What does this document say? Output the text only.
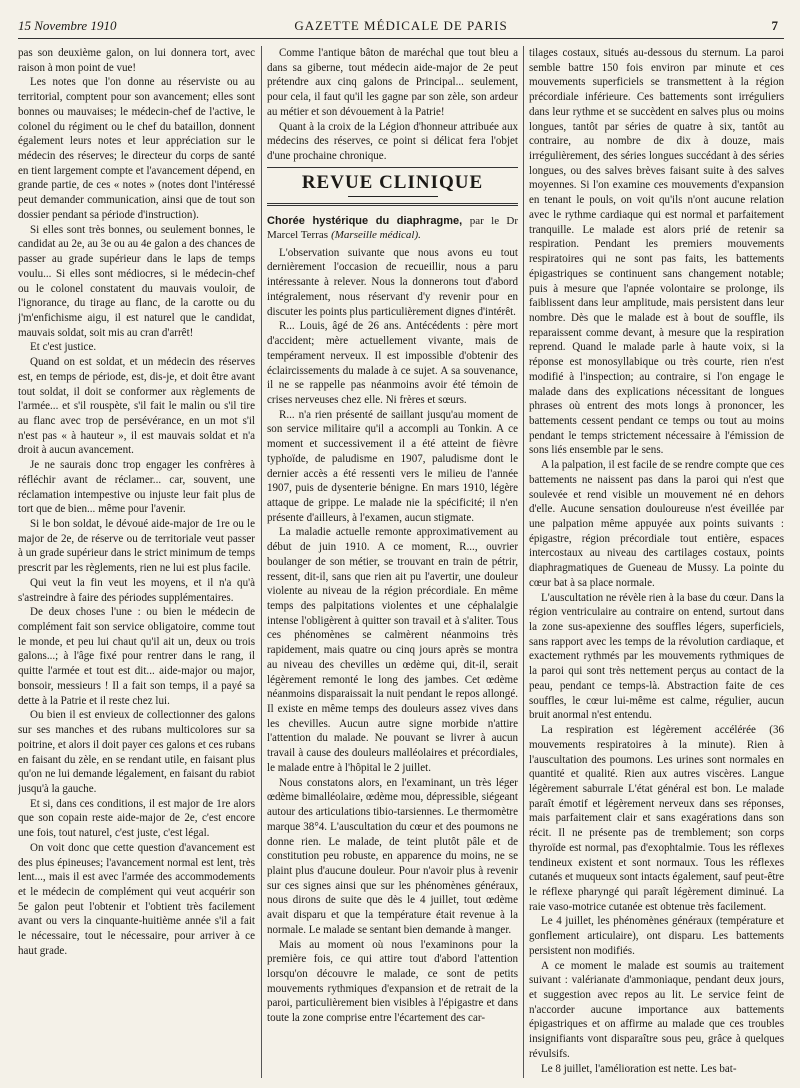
15 Novembre 1910	GAZETTE MÉDICALE DE PARIS	7

pas son deuxième galon, on lui donnera tort, avec raison à mon point de vue!

Les notes que l'on donne au réserviste ou au territorial, comptent pour son avancement; elles sont bonnes ou mauvaises; le médecin-chef de l'active, le colonel du régiment ou le chef du bataillon, donnent également leurs notes et leur appréciation sur le médecin des réserves; le directeur du corps de santé en tient largement compte et l'avancement dépend, en grande partie, de ces « notes » (notes dont l'intéressé peut demander communication, ainsi que de tout son dossier pendant sa période d'instruction).

Si elles sont très bonnes, ou seulement bonnes, le candidat au 2e, au 3e ou au 4e galon a des chances de passer au grade supérieur dans le laps de temps voulu... Si elles sont médiocres, si le médecin-chef ou le colonel constatent du mauvais vouloir, de l'ignorance, du tirage au flanc, de la carotte ou du j'm'enfichisme aigu, il est naturel que le candidat, mauvais soldat, soit mis au cran d'arrêt!

Et c'est justice.

Quand on est soldat, et un médecin des réserves est, en temps de période, est, dis-je, et doit être avant tout soldat, il doit se conformer aux règlements de l'armée... et s'il rouspète, s'il fait le malin ou s'il tire au flanc avec trop de persévérance, en un mot s'il n'est pas « à hauteur », il est mauvais soldat et n'a droit à aucun avancement.

Je ne saurais donc trop engager les confrères à réfléchir avant de réclamer... car, souvent, une réclamation intempestive ou injuste leur fait plus de tort que de bien... même pour l'avenir.

Si le bon soldat, le dévoué aide-major de 1re ou le major de 2e, de réserve ou de territoriale veut passer à un grade supérieur dans le strict minimum de temps prescrit par les règlements, rien ne lui est plus facile.

Qui veut la fin veut les moyens, et il n'a qu'à s'astreindre à faire des périodes supplémentaires.

De deux choses l'une : ou bien le médecin de complément fait son service obligatoire, comme tout le monde, et peu lui chaut qu'il ait un, deux ou trois galons...; à l'âge fixé pour rentrer dans le rang, il quitte l'armée et tout est dit... aide-major ou major, bonsoir, messieurs ! Il a fait son temps, il a payé sa dette à la Patrie et il reste chez lui.

Ou bien il est envieux de collectionner des galons sur ses manches et des rubans multicolores sur sa poitrine, et alors il doit payer ces galons et ces rubans en faisant du zèle, en se rendant utile, en faisant plus qu'on ne lui demande légalement, en faisant du rabiot jusqu'à la gauche.

Et si, dans ces conditions, il est major de 1re alors que son copain reste aide-major de 2e, c'est encore une fois, tout naturel, c'est juste, c'est légal.

On voit donc que cette question d'avancement est des plus épineuses; l'avancement normal est lent, très lent..., mais il est avec l'armée des accommodements et le médecin de complément qui veut acquérir son 5e galon peut l'obtenir et l'obtient très facilement avant ou vers la cinquante-huitième année s'il a fait le nécessaire, tout le nécessaire, pour arriver à ce haut grade.

Comme l'antique bâton de maréchal que tout bleu a dans sa giberne, tout médecin aide-major de 2e peut prétendre aux cinq galons de Principal... seulement, pour cela, il faut qu'il les gagne par son zèle, son ardeur au métier et son dévouement à la Patrie!

Quant à la croix de la Légion d'honneur attribuée aux médecins des réserves, ce point si délicat fera l'objet d'une prochaine chronique.

REVUE CLINIQUE

Chorée hystérique du diaphragme, par le Dr Marcel Terras (Marseille médical).

L'observation suivante que nous avons eu tout dernièrement l'occasion de recueillir, nous a paru intéressante à relever. Nous la donnerons tout d'abord intégralement, nous réservant d'y revenir pour en discuter les points plus particulièrement dignes d'intérêt.

R... Louis, âgé de 26 ans. Antécédents : père mort d'accident; mère actuellement vivante, mais de tempérament nerveux. Il est impossible d'obtenir des éclaircissements du malade à ce sujet. A sa souvenance, il ne se rappelle pas néanmoins avoir été témoin de crises nerveuses chez elle. Ni frères et sœurs.

R... n'a rien présenté de saillant jusqu'au moment de son service militaire qu'il a accompli au Tonkin. A ce moment et successivement il a été atteint de fièvre typhoïde, de paludisme en 1907, paludisme dont le dernier accès a été ressenti vers le milieu de l'année 1907, puis de dysenterie bénigne. En mars 1910, légère attaque de grippe. Le malade nie la spécificité; il n'en présente d'ailleurs, à l'examen, aucun stigmate.

La maladie actuelle remonte approximativement au début de juin 1910. A ce moment, R..., ouvrier boulanger de son métier, se trouvant en train de pétrir, ressent, dit-il, sans que rien ait pu l'avertir, une douleur violente au niveau de la région précordiale. En même temps des palpitations violentes et une céphalalgie intense l'obligèrent à quitter son travail et à s'aliter. Tous ces phénomènes se calmèrent néanmoins très rapidement, mais quatre ou cinq jours après se montra au niveau des chevilles un œdème qui, dit-il, serait légèrement remonté le long des jambes. Cet œdème néanmoins disparaissait la nuit pendant le repos allongé. Il existe en même temps des douleurs assez vives dans les chevilles. Aucun autre signe morbide n'attire l'attention du malade. Ne pouvant se livrer à aucun travail à cause des douleurs malléolaires et précordiales, le malade entre à l'hôpital le 2 juillet.

Nous constatons alors, en l'examinant, un très léger œdème bimalléolaire, œdème mou, dépressible, siégeant autour des articulations tibio-tarsiennes. Le thermomètre marque 38°4. L'auscultation du cœur et des poumons ne donne rien. Le malade, de teint plutôt pâle et de constitution peu robuste, en apparence du moins, ne se plaint plus d'aucune douleur. Pour n'avoir plus à revenir sur ces signes ainsi que sur les phénomènes généraux, nous dirons de suite que dès le 4 juillet, tout œdème avait disparu et que la température était revenue à la normale. Le malade se sentant bien demande à manger.

Mais au moment où nous l'examinons pour la première fois, ce qui attire tout d'abord l'attention lorsqu'on découvre le malade, ce sont de petits mouvements rythmiques d'expansion et de retrait de la paroi, particulièrement bien visibles à l'épigastre et dans toute la zone comprise entre l'écartement des car-

tilages costaux, situés au-dessous du sternum. La paroi semble battre 150 fois environ par minute et ces mouvements superficiels se transmettent à la région précordiale inférieure. Ces battements sont irréguliers dans leur rythme et se succèdent en salves plus ou moins longues, tantôt par séries de quatre à six, tantôt au contraire, au nombre de dix à douze, mais irrégulièrement, des séries longues succédant à des séries longues, ou des salves brèves faisant suite à des salves moyennes. Si l'on examine ces mouvements d'expansion en tenant le pouls, on voit qu'ils n'ont aucune relation avec le rythme cardiaque qui est normal et parfaitement tranquille. Le malade est alors prié de retenir sa respiration. Pendant les premiers mouvements respiratoires qui ne sont pas faits, les battements épigastriques se continuent sans changement notable; puis à mesure que l'apnée volontaire se prolonge, ils faiblissent dans leur amplitude, mais persistent dans leur nombre. Dès que le malade est à bout de souffle, ils reparaissent comme devant, à mesure que la respiration reprend. Quand le malade parle à haute voix, si la réponse est monosyllabique ou très courte, rien n'est modifié à l'inspection; au contraire, si l'on engage le malade dans des explications nécessitant de longues phrases où entrent des mots longs à prononcer, les battements cessent pendant ce temps ou tout au moins pendant le temps strictement nécessaire à l'émission de sons liés ensemble par le sens.

A la palpation, il est facile de se rendre compte que ces battements ne naissent pas dans la paroi qui n'est que soulevée et rend visible un mouvement né en dehors d'elle. Aucune sensation douloureuse n'est éveillée par une palpation même appuyée aux points suivants : épigastre, région précordiale tout entière, espaces intercostaux au niveau des cartilages costaux, points diaphragmatiques de Gueneau de Mussy. La pointe du cœur bat à sa place normale.

L'auscultation ne révèle rien à la base du cœur. Dans la région ventriculaire au contraire on entend, surtout dans la zone sus-apexienne des souffles légers, superficiels, sans rapport avec les temps de la révolution cardiaque, et exactement rythmés par les mouvements rythmiques de la paroi qui sont très nettement perçus au contact de la peau, pendant ce temps-là. Abstraction faite de ces souffles, le cœur lui-même est calme, régulier, aucun bruit anormal n'est entendu.

La respiration est légèrement accélérée (36 mouvements respiratoires à la minute). Rien à l'auscultation des poumons. Les urines sont normales en quantité et qualité. Rien aux autres viscères. Langue légèrement saburrale L'état général est bon. Le malade paraît émotif et légèrement nerveux dans ses réponses, mais parfaitement clair et sans exagérations dans son récit. Il ne présente pas de tremblement; son corps thyroïde est normal, pas d'exophtalmie. Tous les réflexes tendineux existent et sont normaux. Tous les réflexes cutanés et muqueux sont intacts également, sauf peut-être le réflexe pharyngé qui paraît légèrement diminué. La raie vaso-motrice cutanée est obtenue très facilement.

Le 4 juillet, les phénomènes généraux (température et gonflement articulaire), ont disparu. Les battements persistent non modifiés.

A ce moment le malade est soumis au traitement suivant : valérianate d'ammoniaque, pendant deux jours, et suggestion avec repos au lit. Le service feint de n'accorder aucune importance aux battements épigastriques et on affirme au malade que ces troubles insignifiants vont disparaître sous peu, grâce à quelques révulsifs.

Le 8 juillet, l'amélioration est nette. Les bat-
